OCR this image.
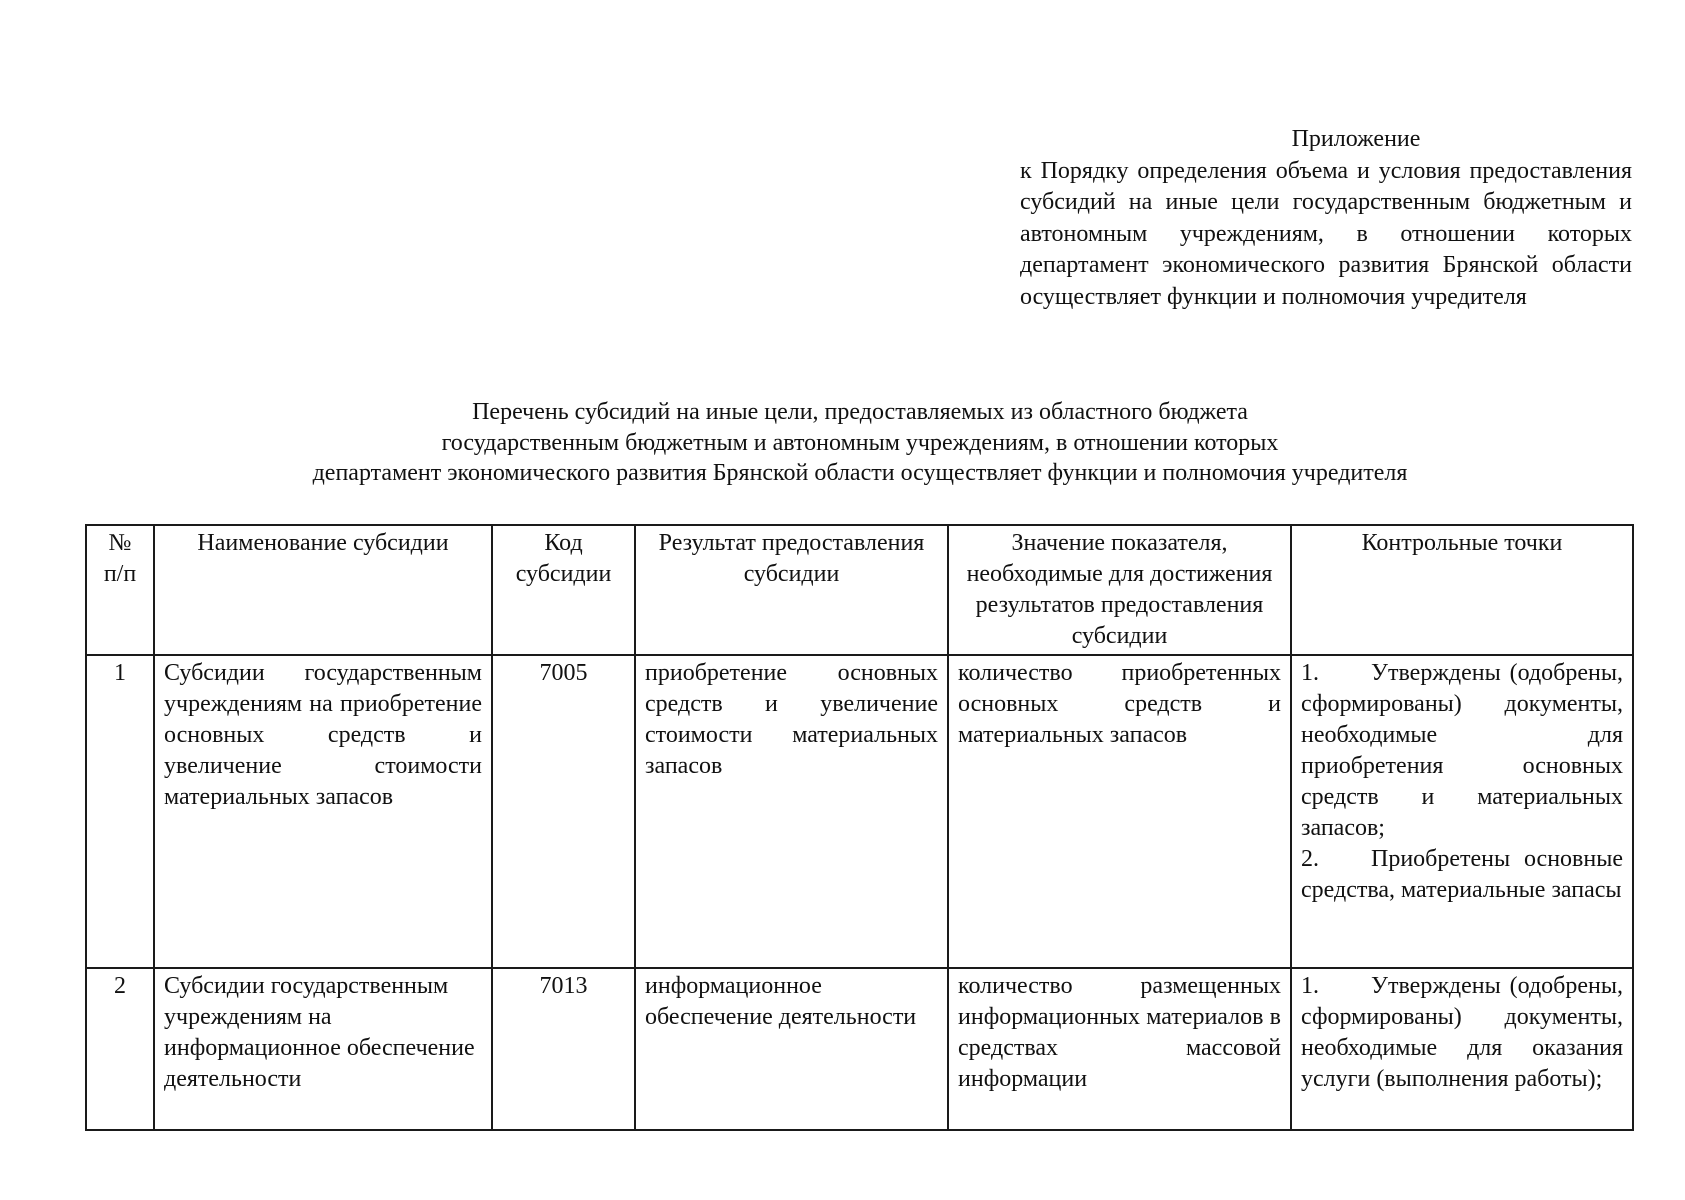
Приложение
к Порядку определения объема и условия предоставления субсидий на иные цели государственным бюджетным и автономным учреждениям, в отношении которых департамент экономического развития Брянской области осуществляет функции и полномочия учредителя
Перечень субсидий на иные цели, предоставляемых из областного бюджета
государственным бюджетным и автономным учреждениям, в отношении которых
департамент экономического развития Брянской области осуществляет функции и полномочия учредителя
№ п/п	Наименование субсидии	Код субсидии	Результат предоставления субсидии	Значение показателя, необходимые для достижения результатов предоставления субсидии	Контрольные точки
1	Субсидии государственным учреждениям на приобретение основных средств и увеличение стоимости материальных запасов	7005	приобретение основных средств и увеличение стоимости материальных запасов	количество приобретенных основных средств и материальных запасов	1. Утверждены (одобрены, сформированы) документы, необходимые для приобретения основных средств и материальных запасов;
2. Приобретены основные средства, материальные запасы

2	Субсидии государственным учреждениям на информационное обеспечение деятельности	7013	информационное обеспечение деятельности	количество размещенных информационных материалов в средствах массовой информации	1. Утверждены (одобрены, сформированы) документы, необходимые для оказания услуги (выполнения работы);
